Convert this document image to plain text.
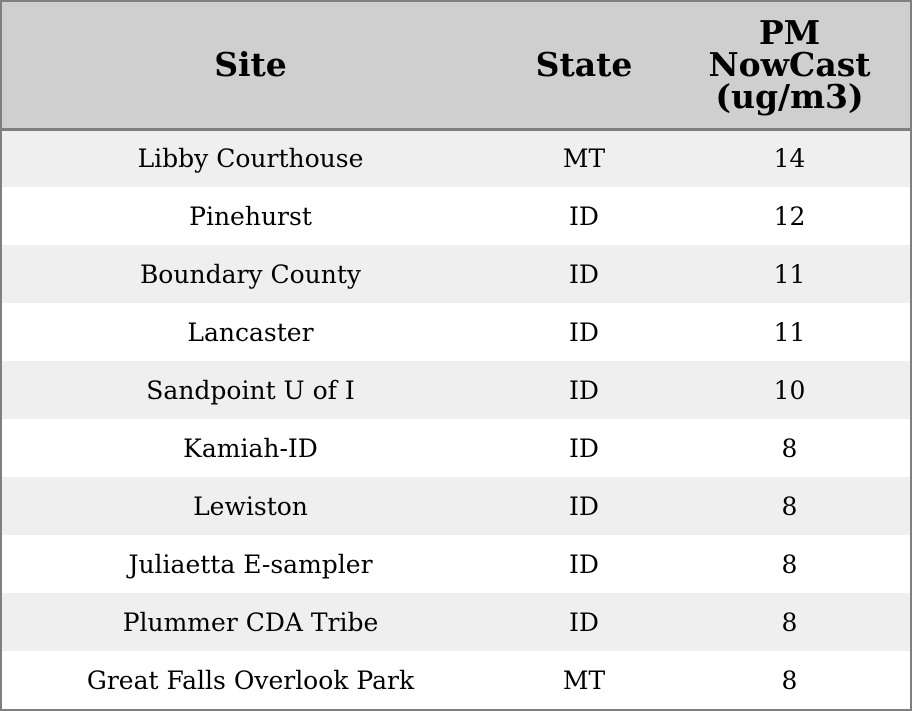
Site	State	PM
NowCast
(ug/m3)

Libby Courthouse	MT	14
Pinehurst	ID	12
Boundary County	ID	11
Lancaster	ID	11
Sandpoint U of I	ID	10
Kamiah-ID	ID	8
Lewiston	ID	8
Juliaetta E-sampler	ID	8
Plummer CDA Tribe	ID	8
Great Falls Overlook Park	MT	8
